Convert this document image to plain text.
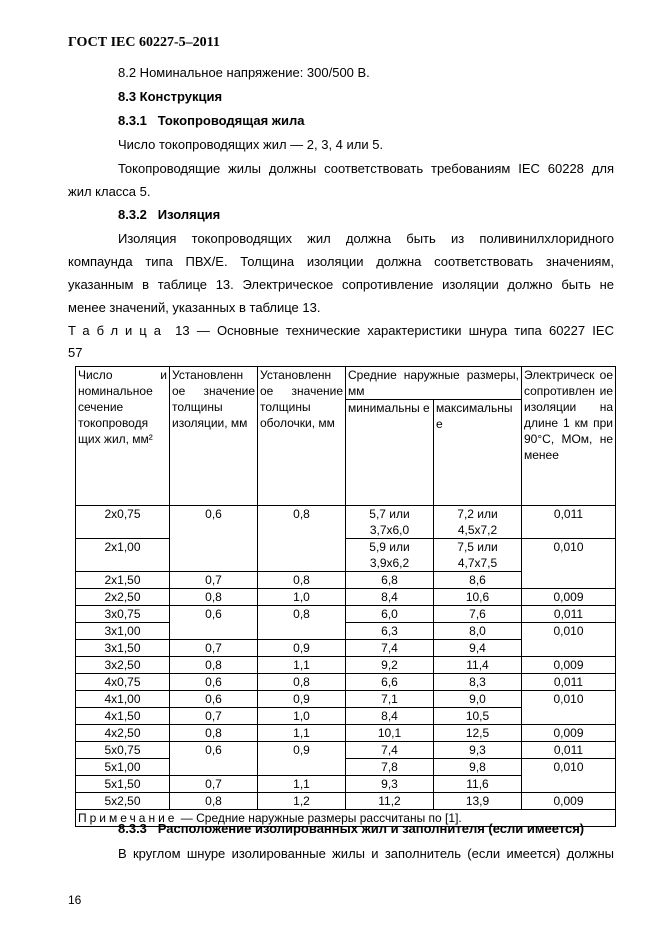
ГОСТ IEC 60227-5–2011

8.2 Номинальное напряжение: 300/500 В.

8.3 Конструкция

8.3.1   Токопроводящая жила

Число токопроводящих жил — 2, 3, 4 или 5.

Токопроводящие жилы должны соответствовать требованиям IEC 60228 для

жил класса 5.

8.3.2   Изоляция

Изоляция токопроводящих жил должна быть из поливинилхлоридного

компаунда типа ПВХ/Е. Толщина изоляции должна соответствовать значениям,

указанным в таблице 13. Электрическое сопротивление изоляции должно быть не

менее значений, указанных в таблице 13.

Таблица 13 — Основные технические характеристики шнура типа 60227 IEC

57

Число и номинальное сечение токопроводя щих жил, мм²	Установленн ое значение толщины изоляции, мм	Установленн ое значение толщины оболочки, мм	Средние наружные размеры, мм		Электрическ ое сопротивлен ие изоляции на длине 1 км при 90°С, МОм, не менее
			минимальны е	максимальны е	
2х0,75	0,6	0,8	5,7 или 3,7х6,0	7,2 или 4,5х7,2	0,011
2х1,00			5,9 или 3,9х6,2	7,5 или 4,7х7,5	0,010
2х1,50	0,7	0,8	6,8	8,6	
2х2,50	0,8	1,0	8,4	10,6	0,009
3х0,75	0,6	0,8	6,0	7,6	0,011
3х1,00			6,3	8,0	0,010
3х1,50	0,7	0,9	7,4	9,4	
3х2,50	0,8	1,1	9,2	11,4	0,009
4х0,75	0,6	0,8	6,6	8,3	0,011
4х1,00	0,6	0,9	7,1	9,0	0,010
4х1,50	0,7	1,0	8,4	10,5	
4х2,50	0,8	1,1	10,1	12,5	0,009
5х0,75	0,6	0,9	7,4	9,3	0,011
5х1,00			7,8	9,8	0,010
5х1,50	0,7	1,1	9,3	11,6	
5х2,50	0,8	1,2	11,2	13,9	0,009
Примечание — Средние наружные размеры рассчитаны по [1].					

8.3.3   Расположение изолированных жил и заполнителя (если имеется)

В круглом шнуре изолированные жилы и заполнитель (если имеется) должны

16
